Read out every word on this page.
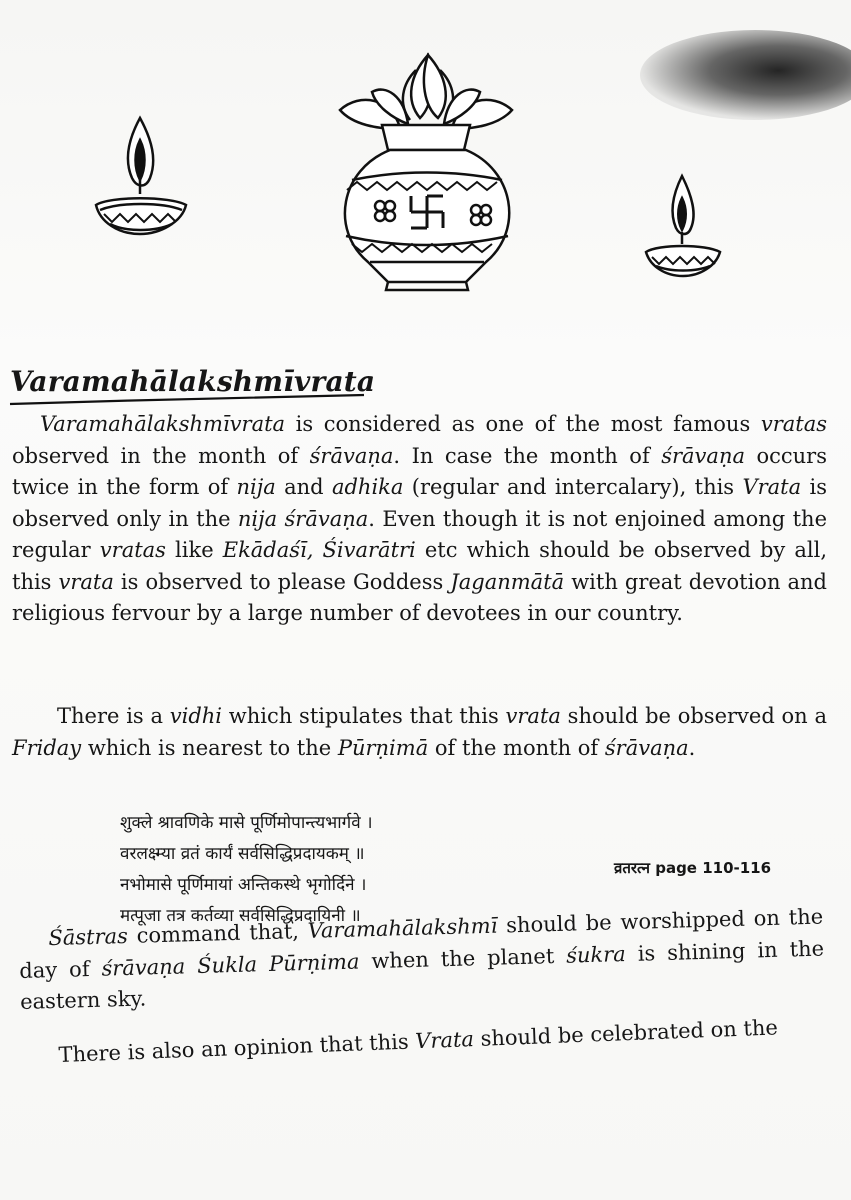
Varamahālakshmīvrata
Varamahālakshmīvrata is considered as one of the most famous vratas observed in the month of śrāvaṇa. In case the month of śrāvaṇa occurs twice in the form of nija and adhika (regular and intercalary), this Vrata is observed only in the nija śrāvaṇa. Even though it is not enjoined among the regular vratas like Ekādaśī, Śivarātri etc which should be observed by all, this vrata is observed to please Goddess Jaganmātā with great devotion and religious fervour by a large number of devotees in our country.
There is a vidhi which stipulates that this vrata should be observed on a Friday which is nearest to the Pūrṇimā of the month of śrāvaṇa.
शुक्ले श्रावणिके मासे पूर्णिमोपान्त्यभार्गवे ।
वरलक्ष्म्या व्रतं कार्यं सर्वसिद्धिप्रदायकम् ॥
नभोमासे पूर्णिमायां अन्तिकस्थे भृगोर्दिने ।
मत्पूजा तत्र कर्तव्या सर्वसिद्धिप्रदायिनी ॥
व्रतरत्न page 110-116
Śāstras command that, Varamahālakshmī should be worshipped on the day of śrāvaṇa Śukla Pūrṇima when the planet śukra is shining in the eastern sky.
There is also an opinion that this Vrata should be celebrated on the
